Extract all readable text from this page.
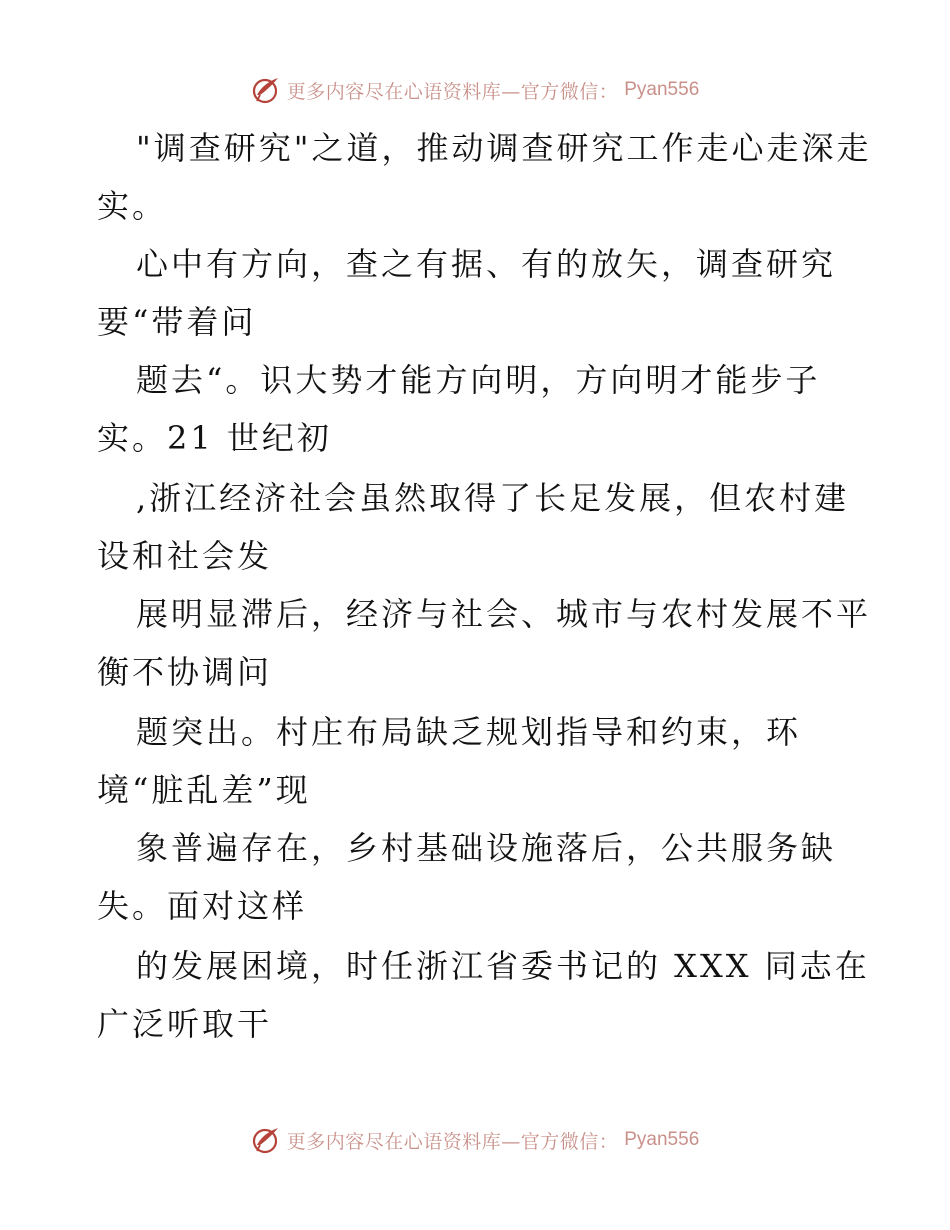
更多内容尽在心语资料库—官方微信： Pyan556
"调查研究"之道，推动调查研究工作走心走深走
实。
心中有方向，查之有据、有的放矢，调查研究
要“带着问
题去“。识大势才能方向明，方向明才能步子
实。21 世纪初
,浙江经济社会虽然取得了长足发展，但农村建
设和社会发
展明显滞后，经济与社会、城市与农村发展不平
衡不协调问
题突出。村庄布局缺乏规划指导和约束，环
境“脏乱差”现
象普遍存在，乡村基础设施落后，公共服务缺
失。面对这样
的发展困境，时任浙江省委书记的 XXX 同志在
广泛听取干
更多内容尽在心语资料库—官方微信： Pyan556
